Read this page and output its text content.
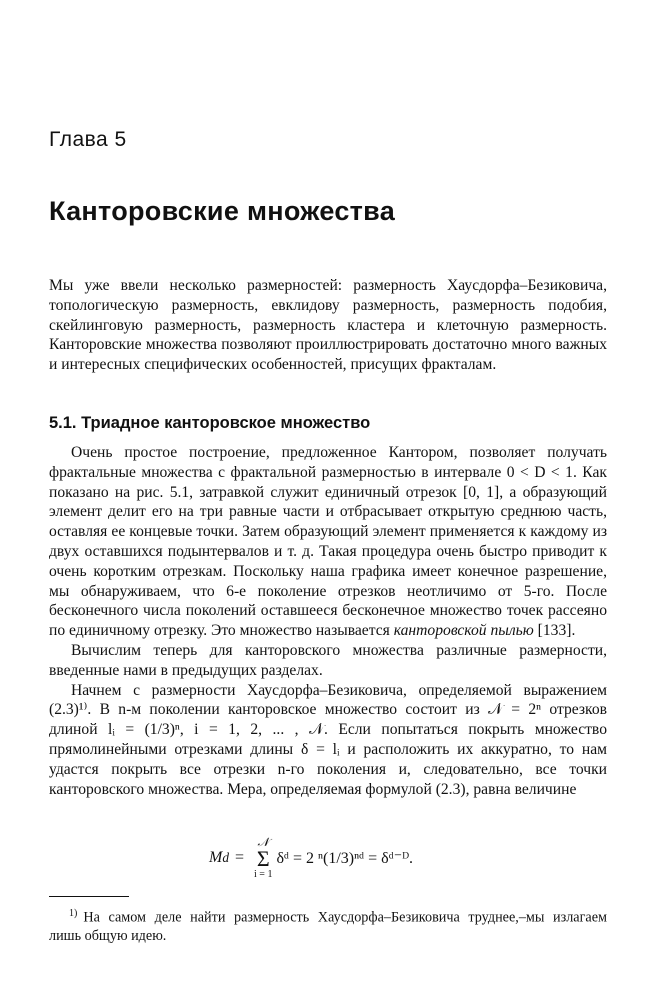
Глава 5
Канторовские множества

Мы уже ввели несколько размерностей: размерность Хаусдорфа–Безиковича, топологическую размерность, евклидову размерность, размерность подобия, скейлинговую размерность, размерность кластера и клеточную размерность. Канторовские множества позволяют проиллюстрировать достаточно много важных и интересных специфических особенностей, присущих фракталам.

5.1. Триадное канторовское множество

Очень простое построение, предложенное Кантором, позволяет получать фрактальные множества с фрактальной размерностью в интервале 0 < D < 1. Как показано на рис. 5.1, затравкой служит единичный отрезок [0, 1], а образующий элемент делит его на три равные части и отбрасывает открытую среднюю часть, оставляя ее концевые точки. Затем образующий элемент применяется к каждому из двух оставшихся подынтервалов и т. д. Такая процедура очень быстро приводит к очень коротким отрезкам. Поскольку наша графика имеет конечное разрешение, мы обнаруживаем, что 6-е поколение отрезков неотличимо от 5-го. После бесконечного числа поколений оставшееся бесконечное множество точек рассеяно по единичному отрезку. Это множество называется канторовской пылью [133].

Вычислим теперь для канторовского множества различные размерности, введенные нами в предыдущих разделах.

Начнем с размерности Хаусдорфа–Безиковича, определяемой выражением (2.3)¹⁾. В n-м поколении канторовское множество состоит из 𝒩 = 2ⁿ отрезков длиной lᵢ = (1/3)ⁿ, i = 1, 2, ... , 𝒩. Если попытаться покрыть множество прямолинейными отрезками длины δ = lᵢ и расположить их аккуратно, то нам удастся покрыть все отрезки n-го поколения и, следовательно, все точки канторовского множества. Мера, определяемая формулой (2.3), равна величине

M d =
𝒩
Σ
i = 1
δᵈ = 2 ⁿ(1/3)ⁿᵈ = δᵈ⁻ᴰ.
$^{1)}$ На самом деле найти размерность Хаусдорфа–Безиковича труднее,–мы излагаем лишь общую идею.
